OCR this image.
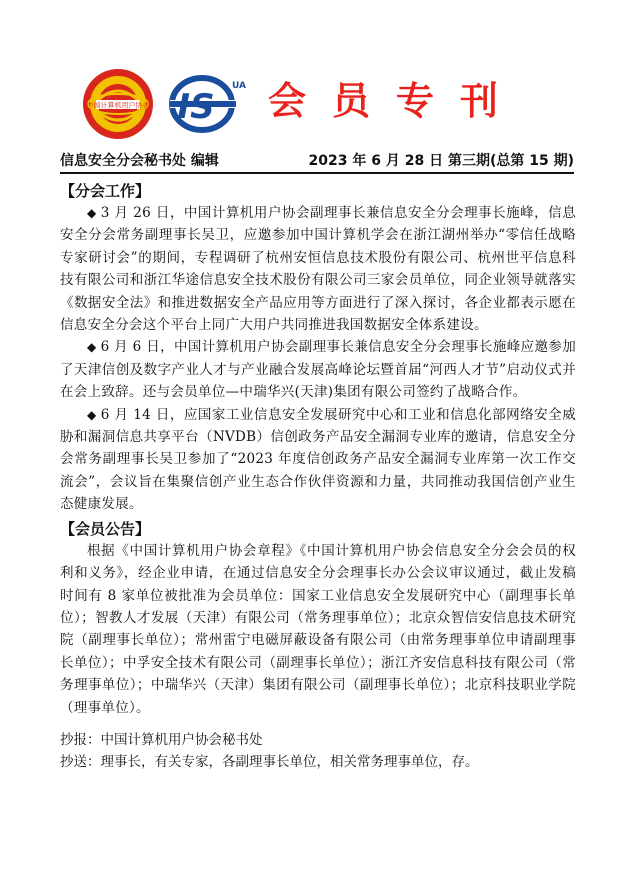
中国计算机用户协会 IS
UA 会员专刊
信息安全分会秘书处 编辑	2023 年 6 月 28 日 第三期(总第 15 期)
【分会工作】

◆ 3 月 26 日，中国计算机用户协会副理事长兼信息安全分会理事长施峰，信息安全分会常务副理事长吴卫，应邀参加中国计算机学会在浙江湖州举办“零信任战略专家研讨会”的期间，专程调研了杭州安恒信息技术股份有限公司、杭州世平信息科技有限公司和浙江华途信息安全技术股份有限公司三家会员单位，同企业领导就落实《数据安全法》和推进数据安全产品应用等方面进行了深入探讨，各企业都表示愿在信息安全分会这个平台上同广大用户共同推进我国数据安全体系建设。

◆ 6 月 6 日，中国计算机用户协会副理事长兼信息安全分会理事长施峰应邀参加了天津信创及数字产业人才与产业融合发展高峰论坛暨首届“河西人才节”启动仪式并在会上致辞。还与会员单位—中瑞华兴(天津)集团有限公司签约了战略合作。

◆ 6 月 14 日，应国家工业信息安全发展研究中心和工业和信息化部网络安全威胁和漏洞信息共享平台（NVDB）信创政务产品安全漏洞专业库的邀请，信息安全分会常务副理事长吴卫参加了“2023 年度信创政务产品安全漏洞专业库第一次工作交流会”，会议旨在集聚信创产业生态合作伙伴资源和力量，共同推动我国信创产业生态健康发展。

【会员公告】

根据《中国计算机用户协会章程》《中国计算机用户协会信息安全分会会员的权利和义务》，经企业申请，在通过信息安全分会理事长办公会议审议通过，截止发稿时间有 8 家单位被批准为会员单位：国家工业信息安全发展研究中心（副理事长单位）；智教人才发展（天津）有限公司（常务理事单位）；北京众智信安信息技术研究院（副理事长单位）；常州雷宁电磁屏蔽设备有限公司（由常务理事单位申请副理事长单位）；中孚安全技术有限公司（副理事长单位）；浙江齐安信息科技有限公司（常务理事单位）；中瑞华兴（天津）集团有限公司（副理事长单位）；北京科技职业学院（理事单位）。

抄报：中国计算机用户协会秘书处

抄送：理事长，有关专家，各副理事长单位，相关常务理事单位，存。
